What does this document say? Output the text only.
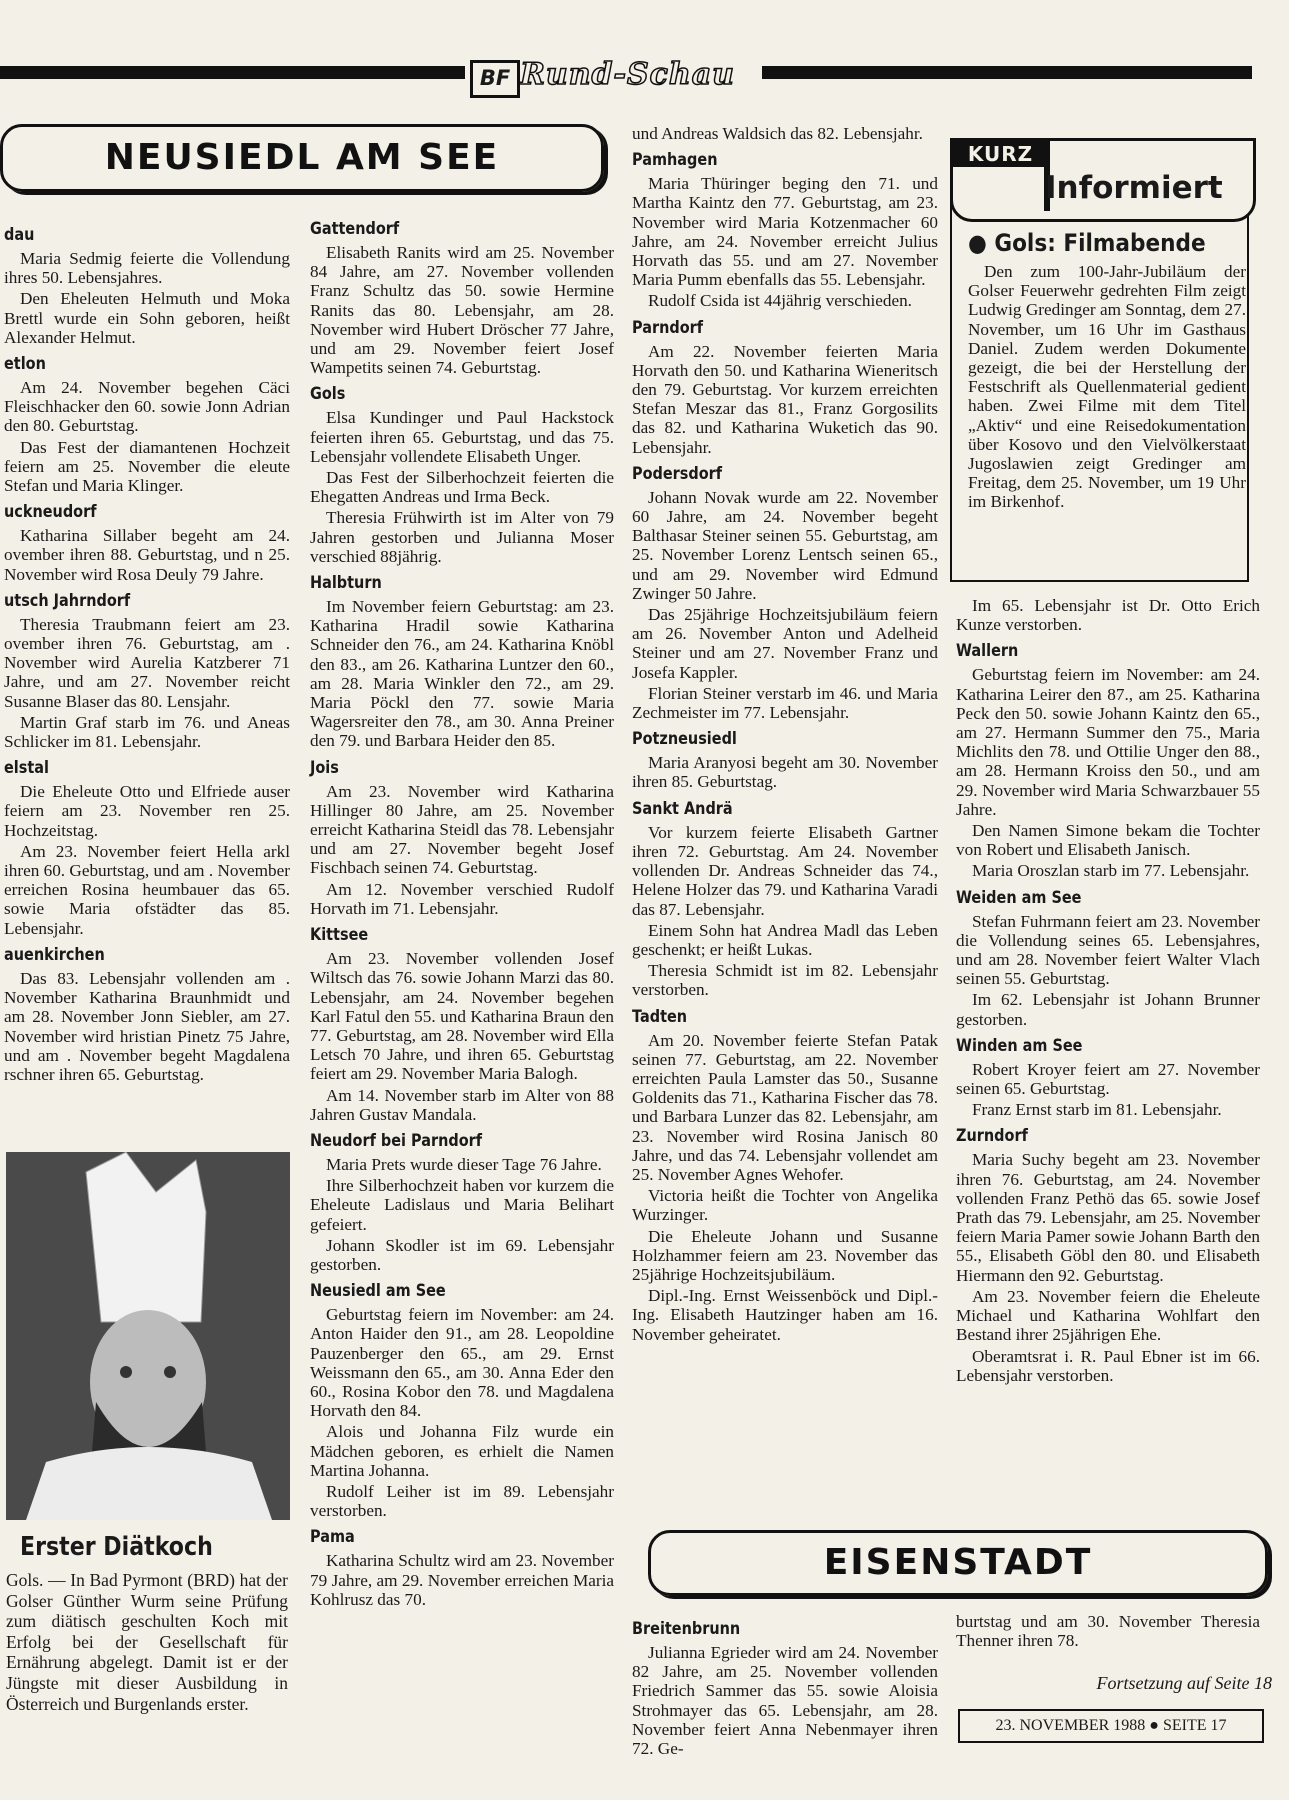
BF Rund-Schau
NEUSIEDL AM SEE
dau

Maria Sedmig feierte die Vollendung ihres 50. Lebensjahres.

Den Eheleuten Helmuth und Moka Brettl wurde ein Sohn geboren, heißt Alexander Helmut.

etlon

Am 24. November begehen Cäci Fleischhacker den 60. sowie Jonn Adrian den 80. Geburtstag.

Das Fest der diamantenen Hochzeit feiern am 25. November die eleute Stefan und Maria Klinger.

uckneudorf

Katharina Sillaber begeht am 24. ovember ihren 88. Geburtstag, und n 25. November wird Rosa Deuly 79 Jahre.

utsch Jahrndorf

Theresia Traubmann feiert am 23. ovember ihren 76. Geburtstag, am . November wird Aurelia Katzberer 71 Jahre, und am 27. November reicht Susanne Blaser das 80. Lensjahr.

Martin Graf starb im 76. und Aneas Schlicker im 81. Lebensjahr.

elstal

Die Eheleute Otto und Elfriede auser feiern am 23. November ren 25. Hochzeitstag.

Am 23. November feiert Hella arkl ihren 60. Geburtstag, und am . November erreichen Rosina heumbauer das 65. sowie Maria ofstädter das 85. Lebensjahr.

auenkirchen

Das 83. Lebensjahr vollenden am . November Katharina Braunhmidt und am 28. November Jonn Siebler, am 27. November wird hristian Pinetz 75 Jahre, und am . November begeht Magdalena rschner ihren 65. Geburtstag.

Erster Diätkoch

Gols. — In Bad Pyrmont (BRD) hat der Golser Günther Wurm seine Prüfung zum diätisch geschulten Koch mit Erfolg bei der Gesellschaft für Ernährung abgelegt. Damit ist er der Jüngste mit dieser Ausbildung in Österreich und Burgenlands erster.

Gattendorf

Elisabeth Ranits wird am 25. November 84 Jahre, am 27. November vollenden Franz Schultz das 50. sowie Hermine Ranits das 80. Lebensjahr, am 28. November wird Hubert Dröscher 77 Jahre, und am 29. November feiert Josef Wampetits seinen 74. Geburtstag.

Gols

Elsa Kundinger und Paul Hackstock feierten ihren 65. Geburtstag, und das 75. Lebensjahr vollendete Elisabeth Unger.

Das Fest der Silberhochzeit feierten die Ehegatten Andreas und Irma Beck.

Theresia Frühwirth ist im Alter von 79 Jahren gestorben und Julianna Moser verschied 88jährig.

Halbturn

Im November feiern Geburtstag: am 23. Katharina Hradil sowie Katharina Schneider den 76., am 24. Katharina Knöbl den 83., am 26. Katharina Luntzer den 60., am 28. Maria Winkler den 72., am 29. Maria Pöckl den 77. sowie Maria Wagersreiter den 78., am 30. Anna Preiner den 79. und Barbara Heider den 85.

Jois

Am 23. November wird Katharina Hillinger 80 Jahre, am 25. November erreicht Katharina Steidl das 78. Lebensjahr und am 27. November begeht Josef Fischbach seinen 74. Geburtstag.

Am 12. November verschied Rudolf Horvath im 71. Lebensjahr.

Kittsee

Am 23. November vollenden Josef Wiltsch das 76. sowie Johann Marzi das 80. Lebensjahr, am 24. November begehen Karl Fatul den 55. und Katharina Braun den 77. Geburtstag, am 28. November wird Ella Letsch 70 Jahre, und ihren 65. Geburtstag feiert am 29. November Maria Balogh.

Am 14. November starb im Alter von 88 Jahren Gustav Mandala.

Neudorf bei Parndorf

Maria Prets wurde dieser Tage 76 Jahre.

Ihre Silberhochzeit haben vor kurzem die Eheleute Ladislaus und Maria Belihart gefeiert.

Johann Skodler ist im 69. Lebensjahr gestorben.

Neusiedl am See

Geburtstag feiern im November: am 24. Anton Haider den 91., am 28. Leopoldine Pauzenberger den 65., am 29. Ernst Weissmann den 65., am 30. Anna Eder den 60., Rosina Kobor den 78. und Magdalena Horvath den 84.

Alois und Johanna Filz wurde ein Mädchen geboren, es erhielt die Namen Martina Johanna.

Rudolf Leiher ist im 89. Lebensjahr verstorben.

Pama

Katharina Schultz wird am 23. November 79 Jahre, am 29. November erreichen Maria Kohlrusz das 70.

und Andreas Waldsich das 82. Lebensjahr.

Pamhagen

Maria Thüringer beging den 71. und Martha Kaintz den 77. Geburtstag, am 23. November wird Maria Kotzenmacher 60 Jahre, am 24. November erreicht Julius Horvath das 55. und am 27. November Maria Pumm ebenfalls das 55. Lebensjahr.

Rudolf Csida ist 44jährig verschieden.

Parndorf

Am 22. November feierten Maria Horvath den 50. und Katharina Wieneritsch den 79. Geburtstag. Vor kurzem erreichten Stefan Meszar das 81., Franz Gorgosilits das 82. und Katharina Wuketich das 90. Lebensjahr.

Podersdorf

Johann Novak wurde am 22. November 60 Jahre, am 24. November begeht Balthasar Steiner seinen 55. Geburtstag, am 25. November Lorenz Lentsch seinen 65., und am 29. November wird Edmund Zwinger 50 Jahre.

Das 25jährige Hochzeitsjubiläum feiern am 26. November Anton und Adelheid Steiner und am 27. November Franz und Josefa Kappler.

Florian Steiner verstarb im 46. und Maria Zechmeister im 77. Lebensjahr.

Potzneusiedl

Maria Aranyosi begeht am 30. November ihren 85. Geburtstag.

Sankt Andrä

Vor kurzem feierte Elisabeth Gartner ihren 72. Geburtstag. Am 24. November vollenden Dr. Andreas Schneider das 74., Helene Holzer das 79. und Katharina Varadi das 87. Lebensjahr.

Einem Sohn hat Andrea Madl das Leben geschenkt; er heißt Lukas.

Theresia Schmidt ist im 82. Lebensjahr verstorben.

Tadten

Am 20. November feierte Stefan Patak seinen 77. Geburtstag, am 22. November erreichten Paula Lamster das 50., Susanne Goldenits das 71., Katharina Fischer das 78. und Barbara Lunzer das 82. Lebensjahr, am 23. November wird Rosina Janisch 80 Jahre, und das 74. Lebensjahr vollendet am 25. November Agnes Wehofer.

Victoria heißt die Tochter von Angelika Wurzinger.

Die Eheleute Johann und Susanne Holzhammer feiern am 23. November das 25jährige Hochzeitsjubiläum.

Dipl.-Ing. Ernst Weissenböck und Dipl.-Ing. Elisabeth Hautzinger haben am 16. November geheiratet.

KURZ
Informiert
● Gols: Filmabende

Den zum 100-Jahr-Jubiläum der Golser Feuerwehr gedrehten Film zeigt Ludwig Gredinger am Sonntag, dem 27. November, um 16 Uhr im Gasthaus Daniel. Zudem werden Dokumente gezeigt, die bei der Herstellung der Festschrift als Quellenmaterial gedient haben. Zwei Filme mit dem Titel „Aktiv“ und eine Reisedokumentation über Kosovo und den Vielvölkerstaat Jugoslawien zeigt Gredinger am Freitag, dem 25. November, um 19 Uhr im Birkenhof.

Im 65. Lebensjahr ist Dr. Otto Erich Kunze verstorben.

Wallern

Geburtstag feiern im November: am 24. Katharina Leirer den 87., am 25. Katharina Peck den 50. sowie Johann Kaintz den 65., am 27. Hermann Summer den 75., Maria Michlits den 78. und Ottilie Unger den 88., am 28. Hermann Kroiss den 50., und am 29. November wird Maria Schwarzbauer 55 Jahre.

Den Namen Simone bekam die Tochter von Robert und Elisabeth Janisch.

Maria Oroszlan starb im 77. Lebensjahr.

Weiden am See

Stefan Fuhrmann feiert am 23. November die Vollendung seines 65. Lebensjahres, und am 28. November feiert Walter Vlach seinen 55. Geburtstag.

Im 62. Lebensjahr ist Johann Brunner gestorben.

Winden am See

Robert Kroyer feiert am 27. November seinen 65. Geburtstag.

Franz Ernst starb im 81. Lebensjahr.

Zurndorf

Maria Suchy begeht am 23. November ihren 76. Geburtstag, am 24. November vollenden Franz Pethö das 65. sowie Josef Prath das 79. Lebensjahr, am 25. November feiern Maria Pamer sowie Johann Barth den 55., Elisabeth Göbl den 80. und Elisabeth Hiermann den 92. Geburtstag.

Am 23. November feiern die Eheleute Michael und Katharina Wohlfart den Bestand ihrer 25jährigen Ehe.

Oberamtsrat i. R. Paul Ebner ist im 66. Lebensjahr verstorben.

EISENSTADT
Breitenbrunn

Julianna Egrieder wird am 24. November 82 Jahre, am 25. November vollenden Friedrich Sammer das 55. sowie Aloisia Strohmayer das 65. Lebensjahr, am 28. November feiert Anna Nebenmayer ihren 72. Ge-

burtstag und am 30. November Theresia Thenner ihren 78.

Fortsetzung auf Seite 18
23. NOVEMBER 1988 ● SEITE 17
